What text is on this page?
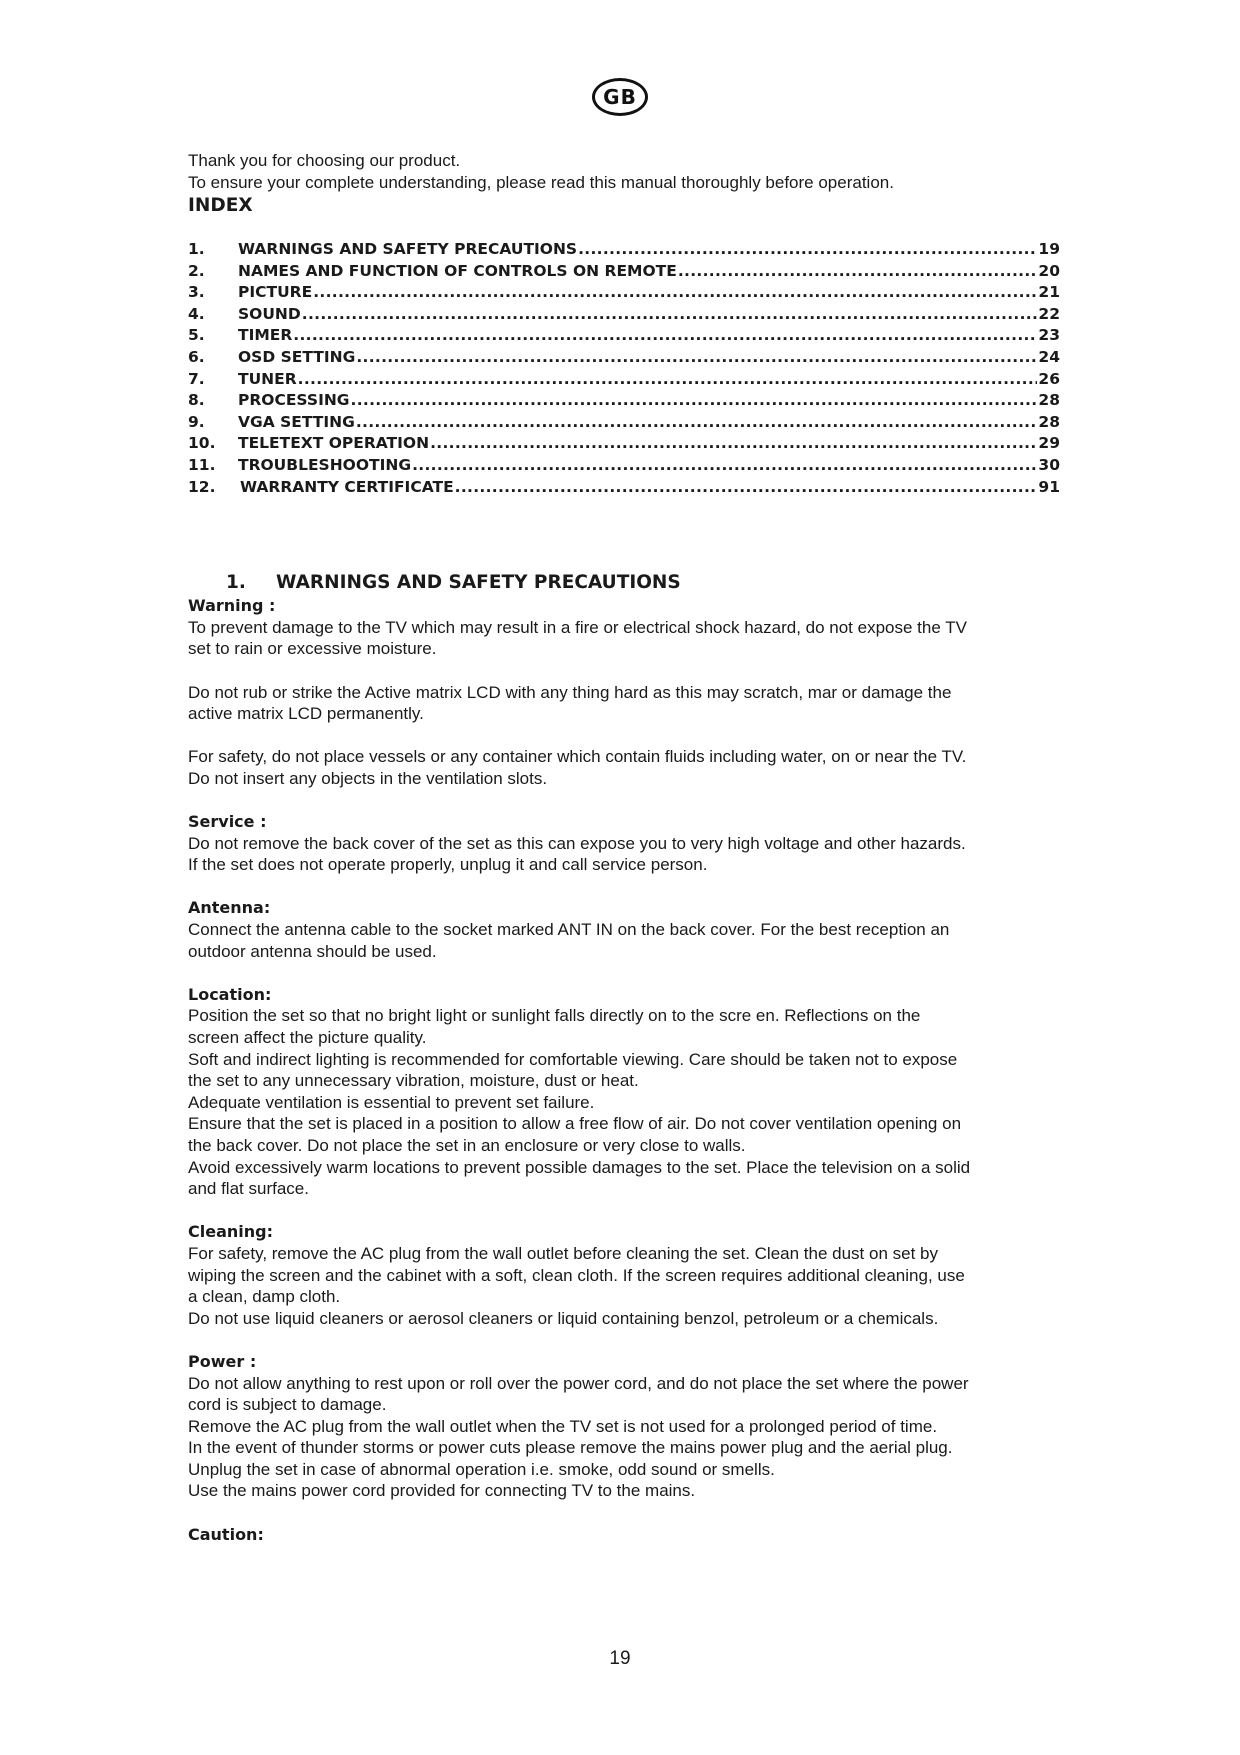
GB

Thank you for choosing our product.

To ensure your complete understanding, please read this manual thoroughly before operation.

INDEX
1.	WARNINGS AND SAFETY PRECAUTIONS .....	19
2.	NAMES AND FUNCTION OF CONTROLS ON REMOTE .....	20
3.	PICTURE .....	21
4.	SOUND .....	22
5.	TIMER .....	23
6.	OSD SETTING .....	24
7.	TUNER .....	26
8.	PROCESSING .....	28
9.	VGA SETTING .....	28
10.	TELETEXT OPERATION .....	29
11.	TROUBLESHOOTING .....	30
12.	WARRANTY CERTIFICATE .....	91
1.	WARNINGS AND SAFETY PRECAUTIONS

Warning :

To prevent damage to the TV which may result in a fire or electrical shock hazard, do not expose the TV

set to rain or excessive moisture.

Do not rub or strike the Active matrix LCD with any thing hard as this may scratch, mar or damage the

active matrix LCD permanently.

For safety, do not place vessels or any container which contain fluids including water, on or near the TV.

Do not insert any objects in the ventilation slots.

Service :

Do not remove the back cover of the set as this can expose you to very high voltage and other hazards.

If the set does not operate properly, unplug it and call service person.

Antenna:

Connect the antenna cable to the socket marked ANT IN on the back cover. For the best reception an

outdoor antenna should be used.

Location:

Position the set so that no bright light or sunlight falls directly on to the scre en. Reflections on the

screen affect the picture quality.

Soft and indirect lighting is recommended for comfortable viewing. Care should be taken not to expose

the set to any unnecessary vibration, moisture, dust or heat.

Adequate ventilation is essential to prevent set failure.

Ensure that the set is placed in a position to allow a free flow of air. Do not cover ventilation opening on

the back cover. Do not place the set in an enclosure or very close to walls.

Avoid excessively warm locations to prevent possible damages to the set. Place the television on a solid

and flat surface.

Cleaning:

For safety, remove the AC plug from the wall outlet before cleaning the set. Clean the dust on set by

wiping the screen and the cabinet with a soft, clean cloth. If the screen requires additional cleaning, use

a clean, damp cloth.

Do not use liquid cleaners or aerosol cleaners or liquid containing benzol, petroleum or a chemicals.

Power :

Do not allow anything to rest upon or roll over the power cord, and do not place the set where the power

cord is subject to damage.

Remove the AC plug from the wall outlet when the TV set is not used for a prolonged period of time.

In the event of thunder storms or power cuts please remove the mains power plug and the aerial plug.

Unplug the set in case of abnormal operation i.e. smoke, odd sound or smells.

Use the mains power cord provided for connecting TV to the mains.

Caution:

19
